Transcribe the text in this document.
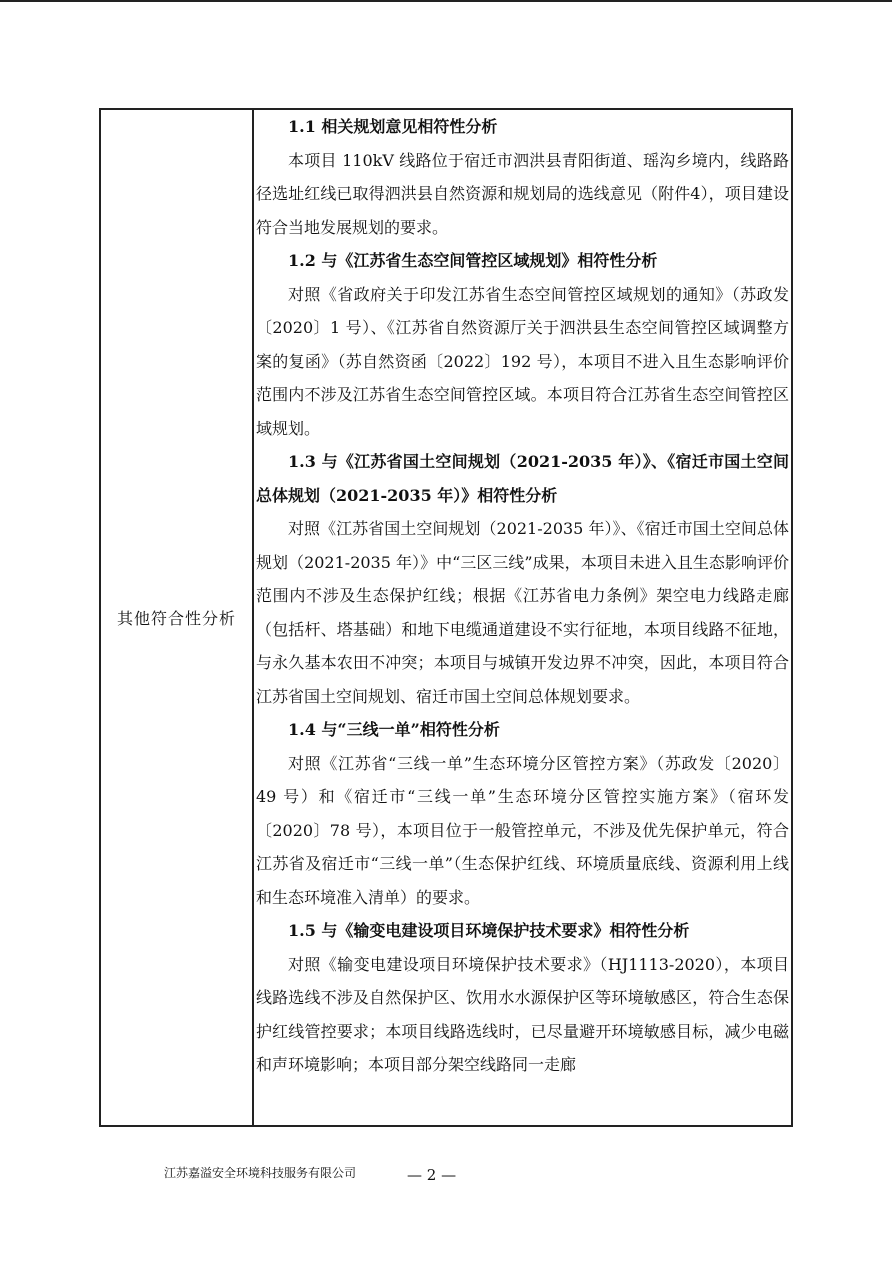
其他符合性分析

1.1 相关规划意见相符性分析

本项目 110kV 线路位于宿迁市泗洪县青阳街道、瑶沟乡境内，线路路径选址红线已取得泗洪县自然资源和规划局的选线意见（附件4），项目建设符合当地发展规划的要求。

1.2 与《江苏省生态空间管控区域规划》相符性分析

对照《省政府关于印发江苏省生态空间管控区域规划的通知》（苏政发〔2020〕1 号）、《江苏省自然资源厅关于泗洪县生态空间管控区域调整方案的复函》（苏自然资函〔2022〕192 号），本项目不进入且生态影响评价范围内不涉及江苏省生态空间管控区域。本项目符合江苏省生态空间管控区域规划。

1.3 与《江苏省国土空间规划（2021-2035 年）》、《宿迁市国土空间总体规划（2021-2035 年）》相符性分析

对照《江苏省国土空间规划（2021-2035 年）》、《宿迁市国土空间总体规划（2021-2035 年）》中“三区三线”成果，本项目未进入且生态影响评价范围内不涉及生态保护红线；根据《江苏省电力条例》架空电力线路走廊（包括杆、塔基础）和地下电缆通道建设不实行征地，本项目线路不征地，与永久基本农田不冲突；本项目与城镇开发边界不冲突，因此，本项目符合江苏省国土空间规划、宿迁市国土空间总体规划要求。

1.4 与“三线一单”相符性分析

对照《江苏省“三线一单”生态环境分区管控方案》（苏政发〔2020〕49 号）和《宿迁市“三线一单”生态环境分区管控实施方案》（宿环发〔2020〕78 号），本项目位于一般管控单元，不涉及优先保护单元，符合江苏省及宿迁市“三线一单”（生态保护红线、环境质量底线、资源利用上线和生态环境准入清单）的要求。

1.5 与《输变电建设项目环境保护技术要求》相符性分析

对照《输变电建设项目环境保护技术要求》（HJ1113-2020），本项目线路选线不涉及自然保护区、饮用水水源保护区等环境敏感区，符合生态保护红线管控要求；本项目线路选线时，已尽量避开环境敏感目标，减少电磁和声环境影响；本项目部分架空线路同一走廊

江苏嘉溢安全环境科技服务有限公司	— 2 —
